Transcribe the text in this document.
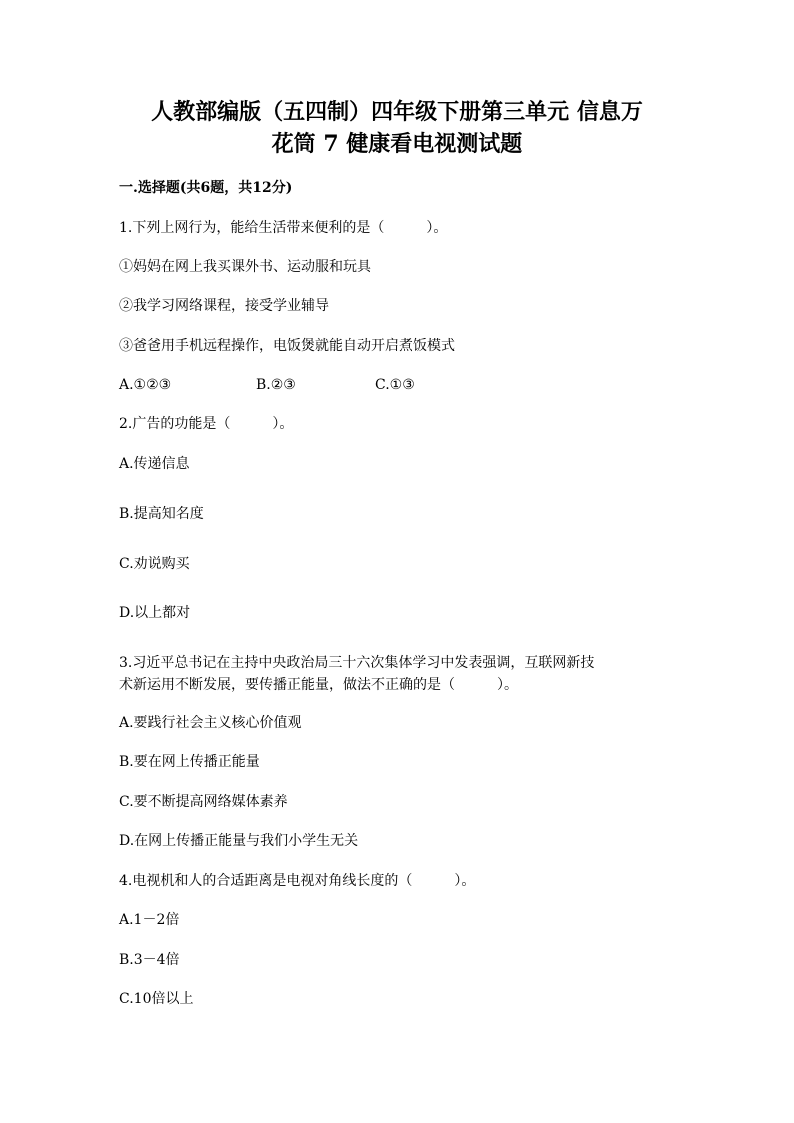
人教部编版（五四制）四年级下册第三单元 信息万
花筒 7 健康看电视测试题
一.选择题(共6题，共12分)
1.下列上网行为，能给生活带来便利的是（　　　）。
①妈妈在网上我买课外书、运动服和玩具
②我学习网络课程，接受学业辅导
③爸爸用手机远程操作，电饭煲就能自动开启煮饭模式
A.①②③	B.②③	C.①③
2.广告的功能是（　　　）。
A.传递信息
B.提高知名度
C.劝说购买
D.以上都对
3.习近平总书记在主持中央政治局三十六次集体学习中发表强调，互联网新技
术新运用不断发展，要传播正能量，做法不正确的是（　　　）。
A.要践行社会主义核心价值观
B.要在网上传播正能量
C.要不断提高网络媒体素养
D.在网上传播正能量与我们小学生无关
4.电视机和人的合适距离是电视对角线长度的（　　　）。
A.1－2倍
B.3－4倍
C.10倍以上
